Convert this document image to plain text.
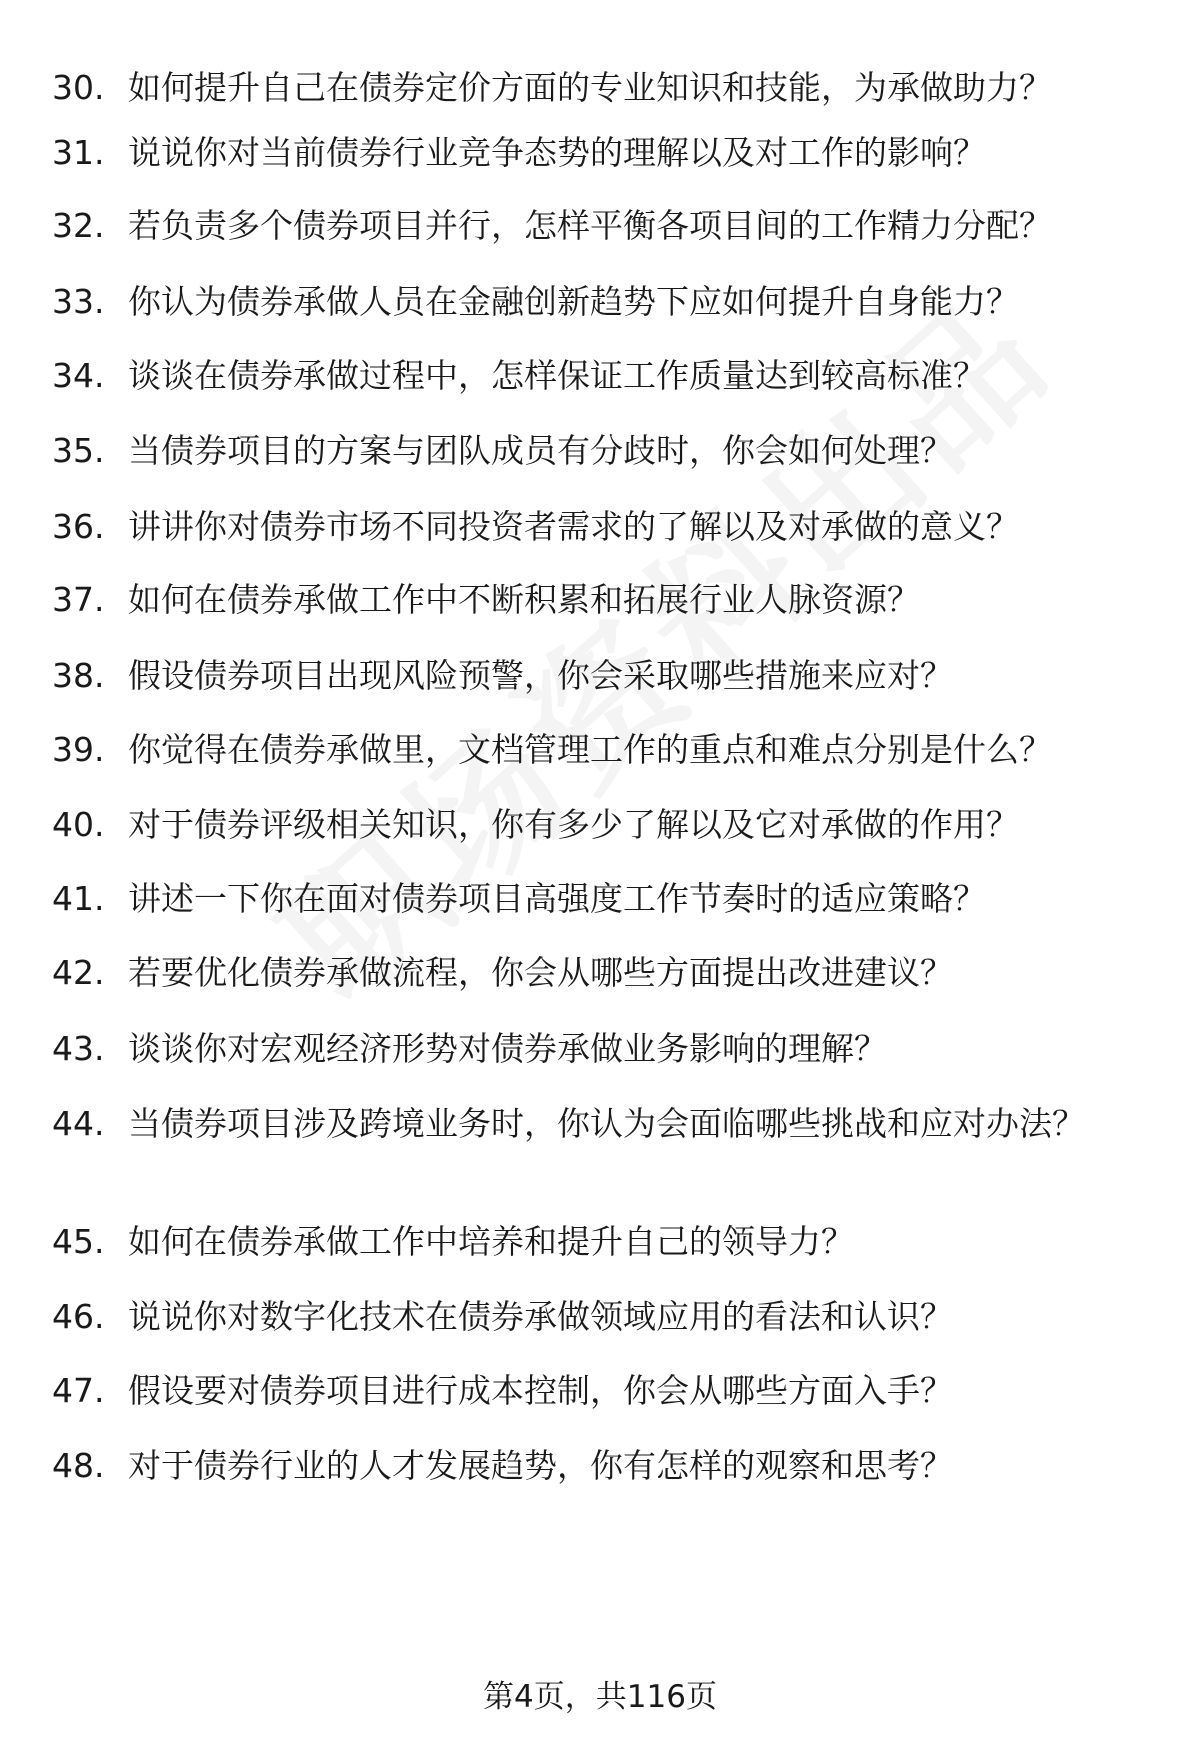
30. 如何提升自己在债券定价方面的专业知识和技能，为承做助力？
31. 说说你对当前债券行业竞争态势的理解以及对工作的影响？
32. 若负责多个债券项目并行，怎样平衡各项目间的工作精力分配？
33. 你认为债券承做人员在金融创新趋势下应如何提升自身能力？
34. 谈谈在债券承做过程中，怎样保证工作质量达到较高标准？
35. 当债券项目的方案与团队成员有分歧时，你会如何处理？
36. 讲讲你对债券市场不同投资者需求的了解以及对承做的意义？
37. 如何在债券承做工作中不断积累和拓展行业人脉资源？
38. 假设债券项目出现风险预警，你会采取哪些措施来应对？
39. 你觉得在债券承做里，文档管理工作的重点和难点分别是什么？
40. 对于债券评级相关知识，你有多少了解以及它对承做的作用？
41. 讲述一下你在面对债券项目高强度工作节奏时的适应策略？
42. 若要优化债券承做流程，你会从哪些方面提出改进建议？
43. 谈谈你对宏观经济形势对债券承做业务影响的理解？
44. 当债券项目涉及跨境业务时，你认为会面临哪些挑战和应对办法？
45. 如何在债券承做工作中培养和提升自己的领导力？
46. 说说你对数字化技术在债券承做领域应用的看法和认识？
47. 假设要对债券项目进行成本控制，你会从哪些方面入手？
48. 对于债券行业的人才发展趋势，你有怎样的观察和思考？
第4页，共116页
